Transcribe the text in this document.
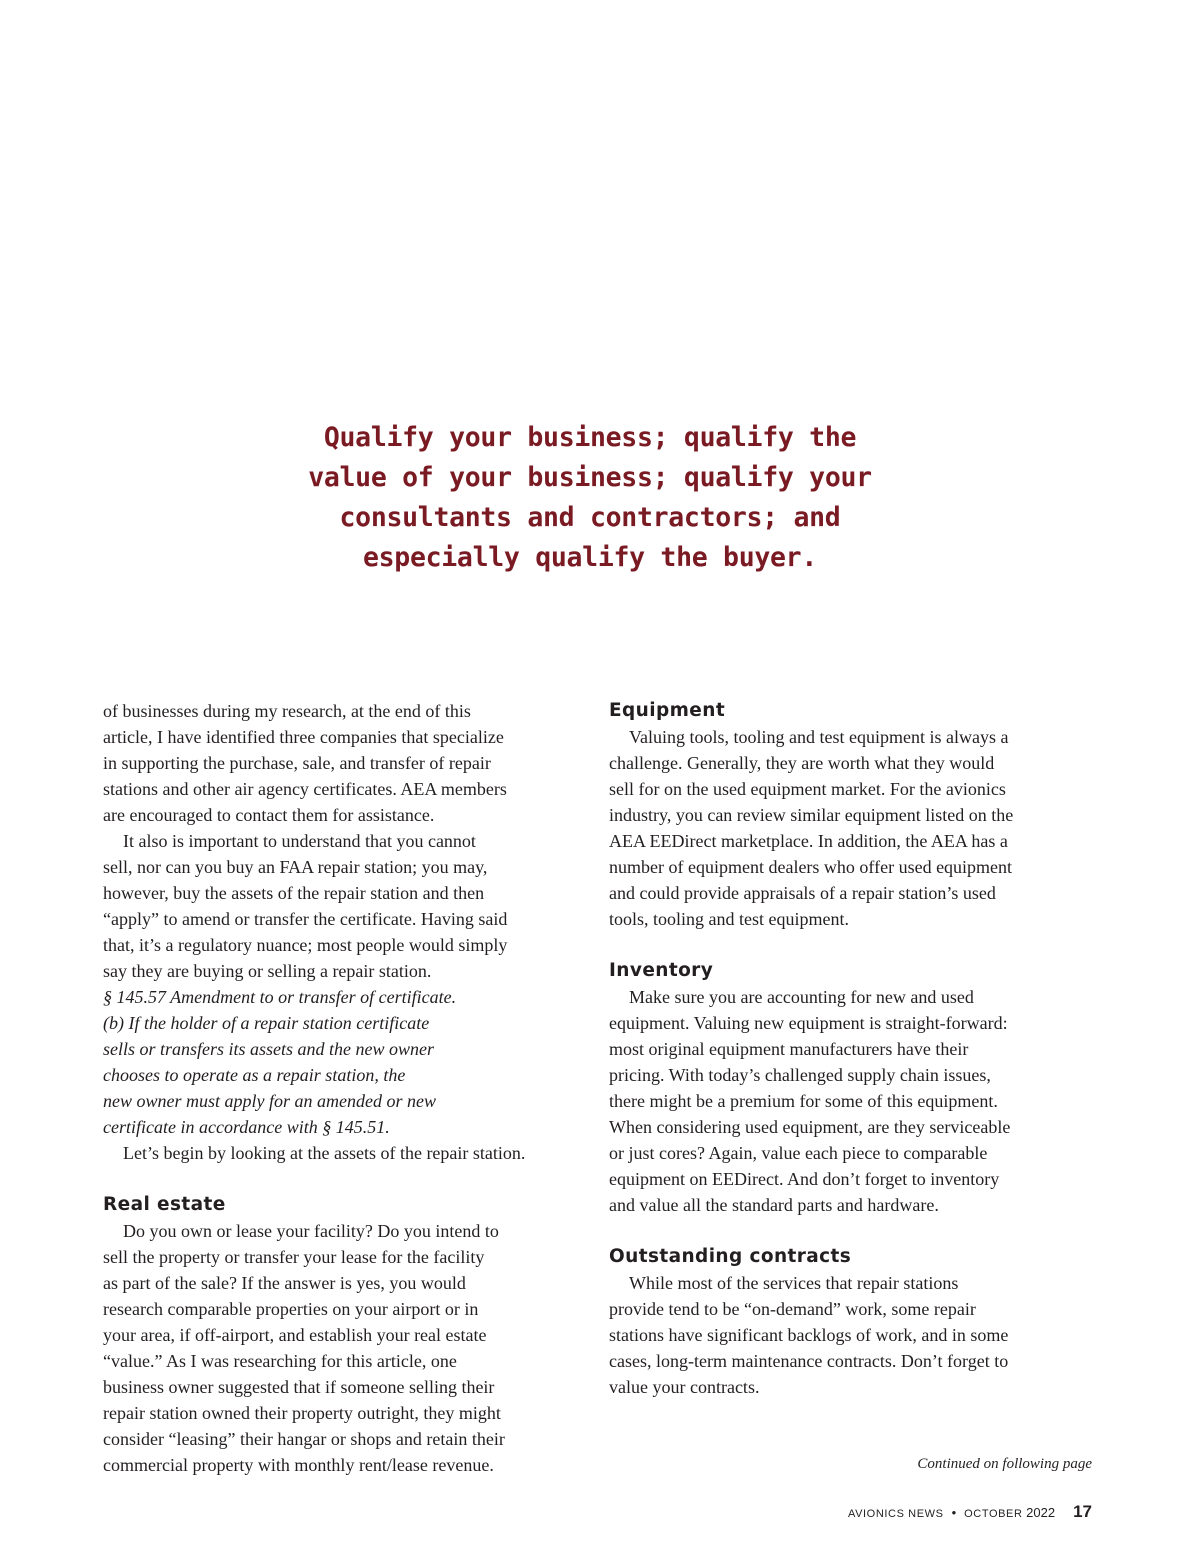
Qualify your business; qualify the
value of your business; qualify your
consultants and contractors; and
especially qualify the buyer.

of businesses during my research, at the end of this
article, I have identified three companies that specialize
in supporting the purchase, sale, and transfer of repair
stations and other air agency certificates. AEA members
are encouraged to contact them for assistance.

It also is important to understand that you cannot
sell, nor can you buy an FAA repair station; you may,
however, buy the assets of the repair station and then
“apply” to amend or transfer the certificate. Having said
that, it’s a regulatory nuance; most people would simply
say they are buying or selling a repair station.

§ 145.57 Amendment to or transfer of certificate.
(b) If the holder of a repair station certificate
sells or transfers its assets and the new owner
chooses to operate as a repair station, the
new owner must apply for an amended or new
certificate in accordance with § 145.51.

Let’s begin by looking at the assets of the repair station.

Real estate

Do you own or lease your facility? Do you intend to
sell the property or transfer your lease for the facility
as part of the sale? If the answer is yes, you would
research comparable properties on your airport or in
your area, if off-airport, and establish your real estate
“value.” As I was researching for this article, one
business owner suggested that if someone selling their
repair station owned their property outright, they might
consider “leasing” their hangar or shops and retain their
commercial property with monthly rent/lease revenue.

Equipment

Valuing tools, tooling and test equipment is always a
challenge. Generally, they are worth what they would
sell for on the used equipment market. For the avionics
industry, you can review similar equipment listed on the
AEA EEDirect marketplace. In addition, the AEA has a
number of equipment dealers who offer used equipment
and could provide appraisals of a repair station’s used
tools, tooling and test equipment.

Inventory

Make sure you are accounting for new and used
equipment. Valuing new equipment is straight-forward:
most original equipment manufacturers have their
pricing. With today’s challenged supply chain issues,
there might be a premium for some of this equipment.
When considering used equipment, are they serviceable
or just cores? Again, value each piece to comparable
equipment on EEDirect. And don’t forget to inventory
and value all the standard parts and hardware.

Outstanding contracts

While most of the services that repair stations
provide tend to be “on-demand” work, some repair
stations have significant backlogs of work, and in some
cases, long-term maintenance contracts. Don’t forget to
value your contracts.

Continued on following page
AVIONICS NEWS • OCTOBER 2022 17
